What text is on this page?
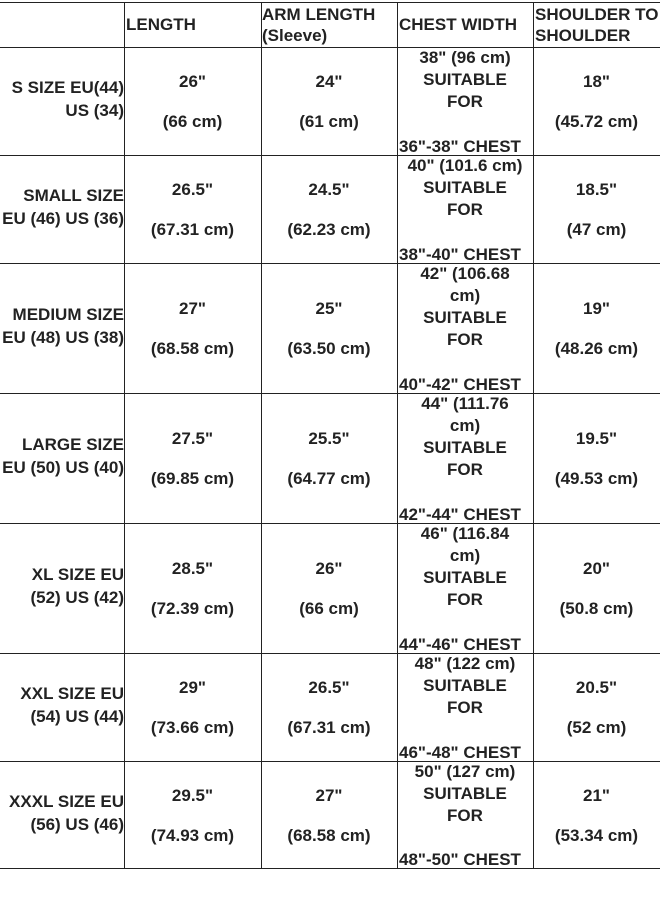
LENGTH
ARM LENGTH
(Sleeve)
CHEST WIDTH
SHOULDER TO
SHOULDER
S SIZE EU(44)
US (34)
26"
(66 cm)
24"
(61 cm)
18"
(45.72 cm)
38" (96 cm)
SUITABLE
FOR
36"-38" CHEST
SMALL SIZE
EU (46) US (36)
26.5"
(67.31 cm)
24.5"
(62.23 cm)
18.5"
(47 cm)
40" (101.6 cm)
SUITABLE
FOR
38"-40" CHEST
MEDIUM SIZE
EU (48) US (38)
27"
(68.58 cm)
25"
(63.50 cm)
19"
(48.26 cm)
42" (106.68
cm)
SUITABLE
FOR
40"-42" CHEST
LARGE SIZE
EU (50) US (40)
27.5"
(69.85 cm)
25.5"
(64.77 cm)
19.5"
(49.53 cm)
44" (111.76
cm)
SUITABLE
FOR
42"-44" CHEST
XL SIZE EU
(52) US (42)
28.5"
(72.39 cm)
26"
(66 cm)
20"
(50.8 cm)
46" (116.84
cm)
SUITABLE
FOR
44"-46" CHEST
XXL SIZE EU
(54) US (44)
29"
(73.66 cm)
26.5"
(67.31 cm)
20.5"
(52 cm)
48" (122 cm)
SUITABLE
FOR
46"-48" CHEST
XXXL SIZE EU
(56) US (46)
29.5"
(74.93 cm)
27"
(68.58 cm)
21"
(53.34 cm)
50" (127 cm)
SUITABLE
FOR
48"-50" CHEST
